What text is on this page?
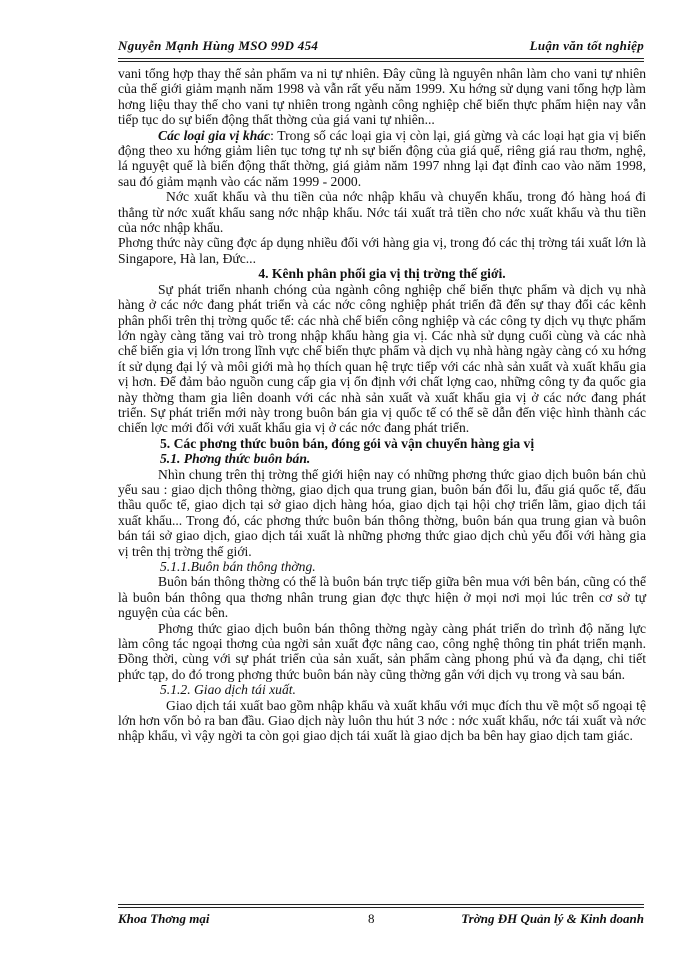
Nguyễn Mạnh Hùng MSO 99D 454	Luận văn tốt nghiệp

vani tổng hợp thay thế sản phẩm va ni tự nhiên. Đây cũng là nguyên nhân làm cho vani tự nhiên của thế giới giảm mạnh năm 1998 và vẫn rất yếu năm 1999. Xu hớng sử dụng vani tổng hợp làm hơng liệu thay thế cho vani tự nhiên trong ngành công nghiệp chế biến thực phẩm hiện nay vẫn tiếp tục do sự biến động thất thờng của giá vani tự nhiên...

Các loại gia vị khác: Trong số các loại gia vị còn lại, giá gừng và các loại hạt gia vị biến động theo xu hớng giảm liên tục tơng tự nh sự biến động của giá quế, riêng giá rau thơm, nghệ, lá nguyệt quế là biến động thất thờng, giá giảm năm 1997 nhng lại đạt đỉnh cao vào năm 1998, sau đó giảm mạnh vào các năm 1999 - 2000.

Nớc xuất khẩu và thu tiền của nớc nhập khẩu và chuyển khẩu, trong đó hàng hoá đi thẳng từ nớc xuất khẩu sang nớc nhập khẩu. Nớc tái xuất trả tiền cho nớc xuất khẩu và thu tiền của nớc nhập khẩu.

Phơng thức này cũng đợc áp dụng nhiều đối với hàng gia vị, trong đó các thị trờng tái xuất lớn là Singapore, Hà lan, Đức...

4. Kênh phân phối gia vị thị trờng thế giới.

Sự phát triển nhanh chóng của ngành công nghiệp chế biến thực phẩm và dịch vụ nhà hàng ở các nớc đang phát triển và các nớc công nghiệp phát triển đã đến sự thay đổi các kênh phân phối trên thị trờng quốc tế: các nhà chế biến công nghiệp và các công ty dịch vụ thực phẩm lớn ngày càng tăng vai trò trong nhập khẩu hàng gia vị. Các nhà sử dụng cuối cùng và các nhà chế biến gia vị lớn trong lĩnh vực chế biến thực phẩm và dịch vụ nhà hàng ngày càng có xu hớng ít sử dụng đại lý và môi giới mà họ thích quan hệ trực tiếp với các nhà sản xuất và xuất khẩu gia vị hơn. Để đảm bảo nguồn cung cấp gia vị ổn định với chất lợng cao, những công ty đa quốc gia này thờng tham gia liên doanh với các nhà sản xuất và xuất khẩu gia vị ở các nớc đang phát triển. Sự phát triển mới này trong buôn bán gia vị quốc tế có thể sẽ dẫn đến việc hình thành các chiến lợc mới đối với xuất khẩu gia vị ở các nớc đang phát triển.

5. Các phơng thức buôn bán, đóng gói và vận chuyển hàng gia vị

5.1. Phơng thức buôn bán.

Nhìn chung trên thị trờng thế giới hiện nay có những phơng thức giao dịch buôn bán chủ yếu sau : giao dịch thông thờng, giao dịch qua trung gian, buôn bán đối lu, đấu giá quốc tế, đấu thầu quốc tế, giao dịch tại sở giao dịch hàng hóa, giao dịch tại hội chợ triển lãm, giao dịch tái xuất khẩu... Trong đó, các phơng thức buôn bán thông thờng, buôn bán qua trung gian và buôn bán tái sở giao dịch, giao dịch tái xuất là những phơng thức giao dịch chủ yếu đối với hàng gia vị trên thị trờng thế giới.

5.1.1.Buôn bán thông thờng.

Buôn bán thông thờng có thể là buôn bán trực tiếp giữa bên mua với bên bán, cũng có thể là buôn bán thông qua thơng nhân trung gian đợc thực hiện ở mọi nơi mọi lúc trên cơ sở tự nguyện của các bên.

Phơng thức giao dịch buôn bán thông thờng ngày càng phát triển do trình độ năng lực làm công tác ngoại thơng của ngời sản xuất đợc nâng cao, công nghệ thông tin phát triển mạnh. Đồng thời, cùng với sự phát triển của sản xuất, sản phẩm càng phong phú và đa dạng, chi tiết phức tạp, do đó trong phơng thức buôn bán này cũng thờng gắn với dịch vụ trong và sau bán.

5.1.2. Giao dịch tái xuất.

Giao dịch tái xuất bao gồm nhập khẩu và xuất khẩu với mục đích thu về một số ngoại tệ lớn hơn vốn bỏ ra ban đầu. Giao dịch này luôn thu hút 3 nớc : nớc xuất khẩu, nớc tái xuất và nớc nhập khẩu, vì vậy ngời ta còn gọi giao dịch tái xuất là giao dịch ba bên hay giao dịch tam giác.

Khoa Thơng mại	8	Trờng ĐH Quản lý & Kinh doanh
